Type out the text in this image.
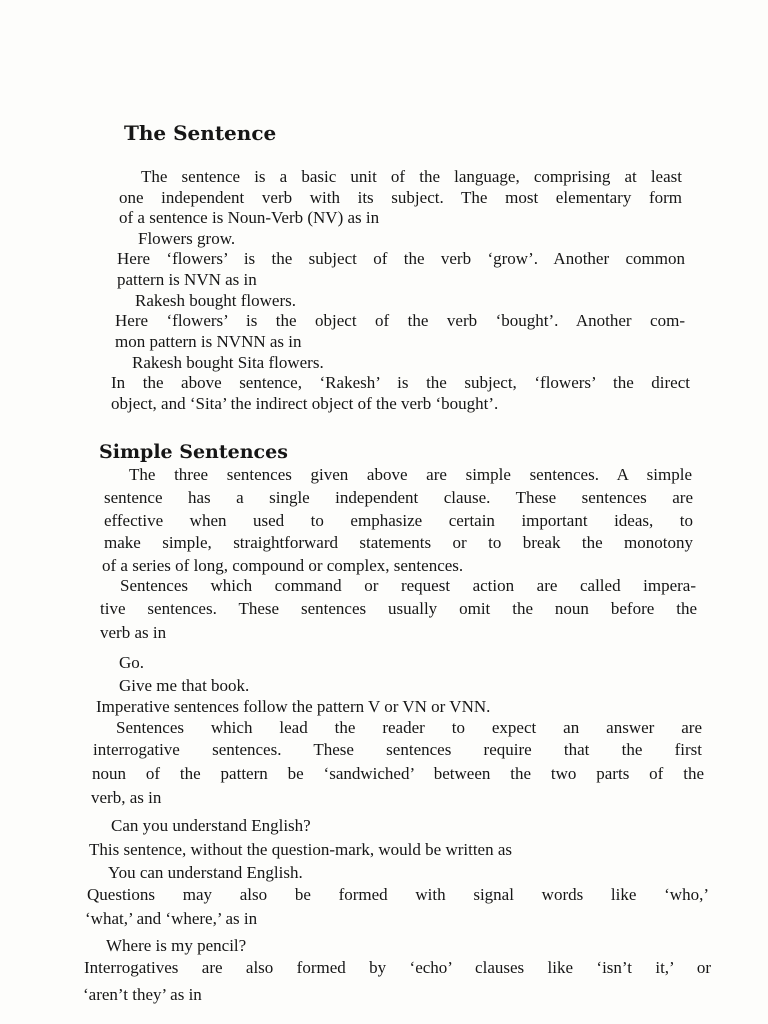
The Sentence

The sentence is a basic unit of the language, comprising at least

one independent verb with its subject. The most elementary form

of a sentence is Noun-Verb (NV) as in

Flowers grow.

Here ‘flowers’ is the subject of the verb ‘grow’. Another common

pattern is NVN as in

Rakesh bought flowers.

Here ‘flowers’ is the object of the verb ‘bought’. Another com-

mon pattern is NVNN as in

Rakesh bought Sita flowers.

In the above sentence, ‘Rakesh’ is the subject, ‘flowers’ the direct

object, and ‘Sita’ the indirect object of the verb ‘bought’.

Simple Sentences

The three sentences given above are simple sentences. A simple

sentence has a single independent clause. These sentences are

effective when used to emphasize certain important ideas, to

make simple, straightforward statements or to break the monotony

of a series of long, compound or complex, sentences.

Sentences which command or request action are called impera-

tive sentences. These sentences usually omit the noun before the

verb as in

Go.

Give me that book.

Imperative sentences follow the pattern V or VN or VNN.

Sentences which lead the reader to expect an answer are

interrogative sentences. These sentences require that the first

noun of the pattern be ‘sandwiched’ between the two parts of the

verb, as in

Can you understand English?

This sentence, without the question-mark, would be written as

You can understand English.

Questions may also be formed with signal words like ‘who,’

‘what,’ and ‘where,’ as in

Where is my pencil?

Interrogatives are also formed by ‘echo’ clauses like ‘isn’t it,’ or

‘aren’t they’ as in
